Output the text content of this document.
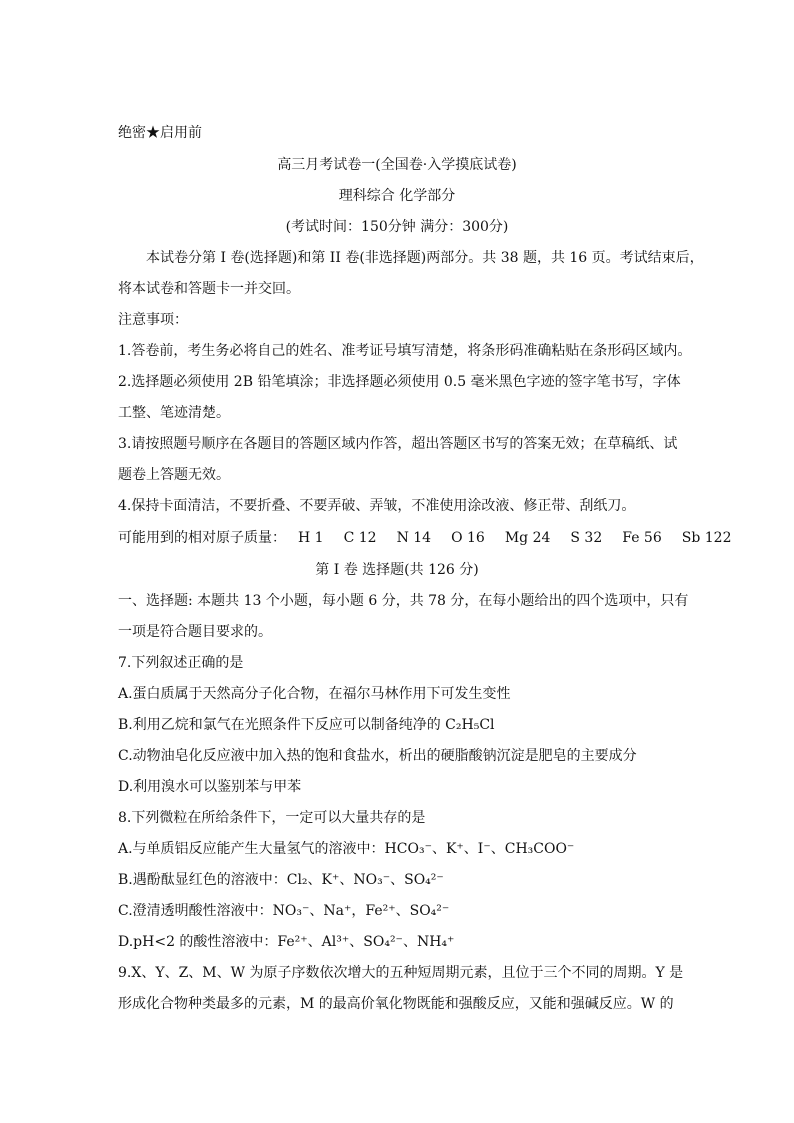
绝密★启用前
高三月考试卷一(全国卷·入学摸底试卷)
理科综合 化学部分
(考试时间：150分钟 满分：300分)
本试卷分第 I 卷(选择题)和第 II 卷(非选择题)两部分。共 38 题，共 16 页。考试结束后，
将本试卷和答题卡一并交回。
注意事项：
1.答卷前，考生务必将自己的姓名、准考证号填写清楚，将条形码准确粘贴在条形码区域内。
2.选择题必须使用 2B 铅笔填涂；非选择题必须使用 0.5 毫米黑色字迹的签字笔书写，字体
工整、笔迹清楚。
3.请按照题号顺序在各题目的答题区域内作答，超出答题区书写的答案无效；在草稿纸、试
题卷上答题无效。
4.保持卡面清洁，不要折叠、不要弄破、弄皱，不准使用涂改液、修正带、刮纸刀。
可能用到的相对原子质量： H 1 C 12 N 14 O 16 Mg 24 S 32 Fe 56 Sb 122
第 I 卷 选择题(共 126 分)
一、选择题: 本题共 13 个小题，每小题 6 分，共 78 分，在每小题给出的四个选项中，只有
一项是符合题目要求的。
7.下列叙述正确的是
A.蛋白质属于天然高分子化合物，在福尔马林作用下可发生变性
B.利用乙烷和氯气在光照条件下反应可以制备纯净的 C₂H₅Cl
C.动物油皂化反应液中加入热的饱和食盐水，析出的硬脂酸钠沉淀是肥皂的主要成分
D.利用溴水可以鉴别苯与甲苯
8.下列微粒在所给条件下，一定可以大量共存的是
A.与单质铝反应能产生大量氢气的溶液中：HCO₃⁻、K⁺、I⁻、CH₃COO⁻
B.遇酚酞显红色的溶液中：Cl₂、K⁺、NO₃⁻、SO₄²⁻
C.澄清透明酸性溶液中：NO₃⁻、Na⁺，Fe²⁺、SO₄²⁻
D.pH<2 的酸性溶液中：Fe²⁺、Al³⁺、SO₄²⁻、NH₄⁺
9.X、Y、Z、M、W 为原子序数依次增大的五种短周期元素，且位于三个不同的周期。Y 是
形成化合物种类最多的元素，M 的最高价氧化物既能和强酸反应，又能和强碱反应。W 的
